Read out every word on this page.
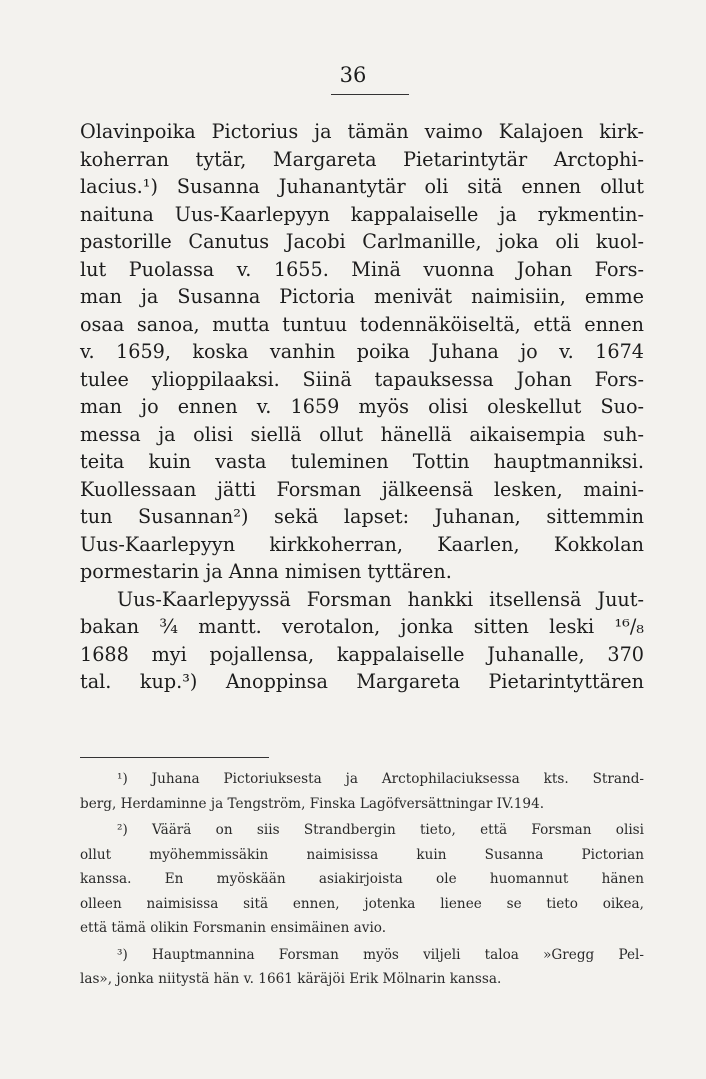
36
Olavinpoika Pictorius ja tämän vaimo Kalajoen kirk-
koherran tytär, Margareta Pietarintytär Arctophi-
lacius.¹) Susanna Juhanantytär oli sitä ennen ollut
naituna Uus-Kaarlepyyn kappalaiselle ja rykmentin-
pastorille Canutus Jacobi Carlmanille, joka oli kuol-
lut Puolassa v. 1655. Minä vuonna Johan Fors-
man ja Susanna Pictoria menivät naimisiin, emme
osaa sanoa, mutta tuntuu todennäköiseltä, että ennen
v. 1659, koska vanhin poika Juhana jo v. 1674
tulee ylioppilaaksi. Siinä tapauksessa Johan Fors-
man jo ennen v. 1659 myös olisi oleskellut Suo-
messa ja olisi siellä ollut hänellä aikaisempia suh-
teita kuin vasta tuleminen Tottin hauptmanniksi.
Kuollessaan jätti Forsman jälkeensä lesken, maini-
tun Susannan²) sekä lapset: Juhanan, sittemmin
Uus-Kaarlepyyn kirkkoherran, Kaarlen, Kokkolan
pormestarin ja Anna nimisen tyttären.
Uus-Kaarlepyyssä Forsman hankki itsellensä Juut-
bakan ¾ mantt. verotalon, jonka sitten leski ¹⁶/₈
1688 myi pojallensa, kappalaiselle Juhanalle, 370
tal. kup.³) Anoppinsa Margareta Pietarintyttären
¹) Juhana Pictoriuksesta ja Arctophilaciuksessa kts. Strand-
berg, Herdaminne ja Tengström, Finska Lagöfversättningar IV.194.
²) Väärä on siis Strandbergin tieto, että Forsman olisi
ollut myöhemmissäkin naimisissa kuin Susanna Pictorian
kanssa. En myöskään asiakirjoista ole huomannut hänen
olleen naimisissa sitä ennen, jotenka lienee se tieto oikea,
että tämä olikin Forsmanin ensimäinen avio.
³) Hauptmannina Forsman myös viljeli taloa »Gregg Pel-
las», jonka niitystä hän v. 1661 käräjöi Erik Mölnarin kanssa.
